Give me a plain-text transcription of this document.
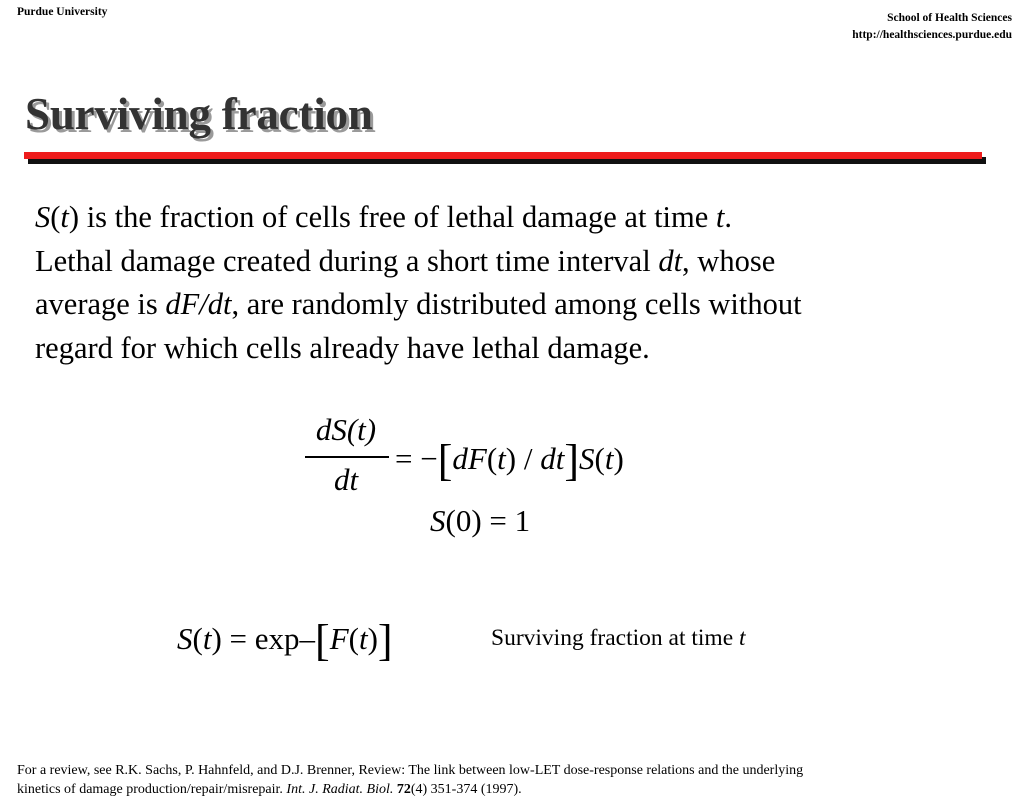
Purdue University	School of Health Sciences
http://healthsciences.purdue.edu
Surviving fraction
S(t) is the fraction of cells free of lethal damage at time t.
Lethal damage created during a short time interval dt, whose
average is dF/dt, are randomly distributed among cells without
regard for which cells already have lethal damage.
dS(t)
dt
= −[dF(t) / dt]S(t)
S(0) = 1
S(t) = exp–[F(t)]	Surviving fraction at time t
For a review, see R.K. Sachs, P. Hahnfeld, and D.J. Brenner, Review: The link between low-LET dose-response relations and the underlying
kinetics of damage production/repair/misrepair. Int. J. Radiat. Biol. 72(4) 351-374 (1997).
